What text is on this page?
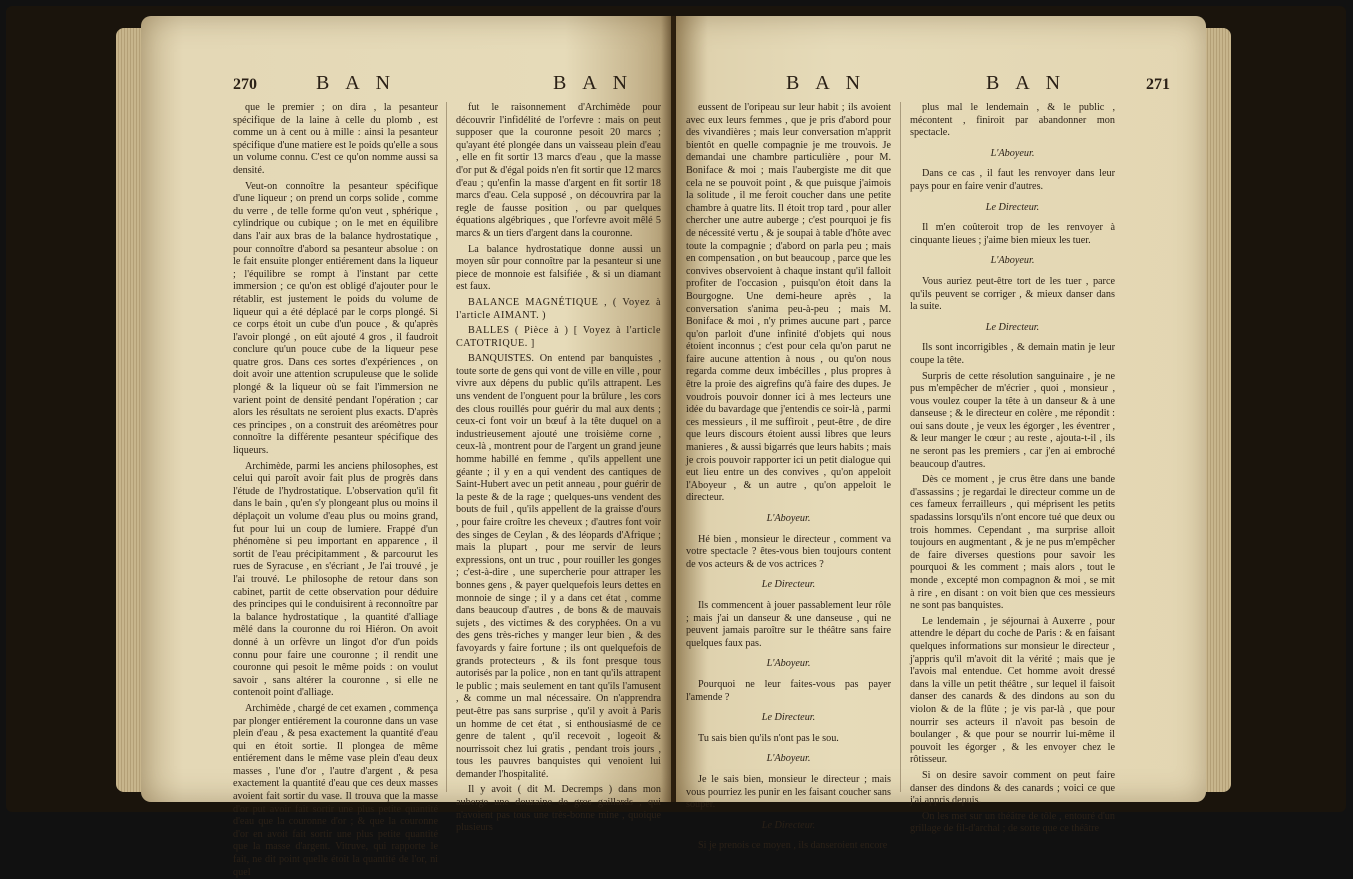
270	B A N	B A N

que le premier ; on dira , la pesanteur spécifique de la laine à celle du plomb , est comme un à cent ou à mille : ainsi la pesanteur spécifique d'une matiere est le poids qu'elle a sous un volume connu. C'est ce qu'on nomme aussi sa densité.

Veut-on connoître la pesanteur spécifique d'une liqueur ; on prend un corps solide , comme du verre , de telle forme qu'on veut , sphérique , cylindrique ou cubique ; on le met en équilibre dans l'air aux bras de la balance hydrostatique , pour connoître d'abord sa pesanteur absolue : on le fait ensuite plonger entiérement dans la liqueur ; l'équilibre se rompt à l'instant par cette immersion ; ce qu'on est obligé d'ajouter pour le rétablir, est justement le poids du volume de liqueur qui a été déplacé par le corps plongé. Si ce corps étoit un cube d'un pouce , & qu'après l'avoir plongé , on eût ajouté 4 gros , il faudroit conclure qu'un pouce cube de la liqueur pese quatre gros. Dans ces sortes d'expériences , on doit avoir une attention scrupuleuse que le solide plongé & la liqueur où se fait l'immersion ne varient point de densité pendant l'opération ; car alors les résultats ne seroient plus exacts. D'après ces principes , on a construit des aréomètres pour connoître la différente pesanteur spécifique des liqueurs.

Archimède, parmi les anciens philosophes, est celui qui paroît avoir fait plus de progrès dans l'étude de l'hydrostatique. L'observation qu'il fit dans le bain , qu'en s'y plongeant plus ou moins il déplaçoit un volume d'eau plus ou moins grand, fut pour lui un coup de lumiere. Frappé d'un phénomène si peu important en apparence , il sortit de l'eau précipitamment , & parcourut les rues de Syracuse , en s'écriant , Je l'ai trouvé , je l'ai trouvé. Le philosophe de retour dans son cabinet, partit de cette observation pour déduire des principes qui le conduisirent à reconnoître par la balance hydrostatique , la quantité d'alliage mêlé dans la couronne du roi Hiéron. On avoit donné à un orfèvre un lingot d'or d'un poids connu pour faire une couronne ; il rendit une couronne qui pesoit le même poids : on voulut savoir , sans altérer la couronne , si elle ne contenoit point d'alliage.

Archimède , chargé de cet examen , commença par plonger entiérement la couronne dans un vase plein d'eau , & pesa exactement la quantité d'eau qui en étoit sortie. Il plongea de même entiérement dans le même vase plein d'eau deux masses , l'une d'or , l'autre d'argent , & pesa exactement la quantité d'eau que ces deux masses avoient fait sortir du vase. Il trouva que la masse d'or put avoir fait sortir une plus petite quantité d'eau que la couronne d'or ; & que la couronne d'or en avoit fait sortir une plus petite quantité que la masse d'argent. Vitruve, qui rapporte le fait, ne dit point quelle étoit la quantité de l'or, ni quel

fut le raisonnement d'Archimède pour découvrir l'infidélité de l'orfevre : mais on peut supposer que la couronne pesoit 20 marcs ; qu'ayant été plongée dans un vaisseau plein d'eau , elle en fit sortir 13 marcs d'eau , que la masse d'or put & d'égal poids n'en fit sortir que 12 marcs d'eau ; qu'enfin la masse d'argent en fit sortir 18 marcs d'eau. Cela supposé , on découvrira par la regle de fausse position , ou par quelques équations algébriques , que l'orfevre avoit mêlé 5 marcs & un tiers d'argent dans la couronne.

La balance hydrostatique donne aussi un moyen sûr pour connoître par la pesanteur si une piece de monnoie est falsifiée , & si un diamant est faux.

BALANCE MAGNÉTIQUE , ( Voyez à l'article AIMANT. )

BALLES ( Pièce à ) [ Voyez à l'article CATOTRIQUE. ]

BANQUISTES. On entend par banquistes , toute sorte de gens qui vont de ville en ville , pour vivre aux dépens du public qu'ils attrapent. Les uns vendent de l'onguent pour la brûlure , les cors des clous rouillés pour guérir du mal aux dents ; ceux-ci font voir un bœuf à la tête duquel on a industrieusement ajouté une troisième corne , ceux-là , montrent pour de l'argent un grand jeune homme habillé en femme , qu'ils appellent une géante ; il y en a qui vendent des cantiques de Saint-Hubert avec un petit anneau , pour guérir de la peste & de la rage ; quelques-uns vendent des bouts de fuil , qu'ils appellent de la graisse d'ours , pour faire croître les cheveux ; d'autres font voir des singes de Ceylan , & des léopards d'Afrique ; mais la plupart , pour me servir de leurs expressions, ont un truc , pour rouiller les gonges ; c'est-à-dire , une supercherie pour attraper les bonnes gens , & payer quelquefois leurs dettes en monnoie de singe ; il y a dans cet état , comme dans beaucoup d'autres , de bons & de mauvais sujets , des victimes & des coryphées. On a vu des gens très-riches y manger leur bien , & des favoyards y faire fortune ; ils ont quelquefois de grands protecteurs , & ils font presque tous autorisés par la police , non en tant qu'ils attrapent le public ; mais seulement en tant qu'ils l'amusent , & comme un mal nécessaire. On n'apprendra peut-être pas sans surprise , qu'il y avoit à Paris un homme de cet état , si enthousiasmé de ce genre de talent , qu'il recevoit , logeoit & nourrissoit chez lui gratis , pendant trois jours , tous les pauvres banquistes qui venoient lui demander l'hospitalité.

Il y avoit ( dit M. Decremps ) dans mon auberge une douzaine de gros gaillards , qui n'avoient pas tous une très-bonne mine , quoique plusieurs

B A N	B A N	271

eussent de l'oripeau sur leur habit ; ils avoient avec eux leurs femmes , que je pris d'abord pour des vivandières ; mais leur conversation m'apprit bientôt en quelle compagnie je me trouvois. Je demandai une chambre particulière , pour M. Boniface & moi ; mais l'aubergiste me dit que cela ne se pouvoit point , & que puisque j'aimois la solitude , il me feroit coucher dans une petite chambre à quatre lits. Il étoit trop tard , pour aller chercher une autre auberge ; c'est pourquoi je fis de nécessité vertu , & je soupai à table d'hôte avec toute la compagnie ; d'abord on parla peu ; mais en compensation , on but beaucoup , parce que les convives observoient à chaque instant qu'il falloit profiter de l'occasion , puisqu'on étoit dans la Bourgogne. Une demi-heure après , la conversation s'anima peu-à-peu ; mais M. Boniface & moi , n'y primes aucune part , parce qu'on parloit d'une infinité d'objets qui nous étoient inconnus ; c'est pour cela qu'on parut ne faire aucune attention à nous , ou qu'on nous regarda comme deux imbécilles , plus propres à être la proie des aigrefins qu'à faire des dupes. Je voudrois pouvoir donner ici à mes lecteurs une idée du bavardage que j'entendis ce soir-là , parmi ces messieurs , il me suffiroit , peut-être , de dire que leurs discours étoient aussi libres que leurs manieres , & aussi bigarrés que leurs habits ; mais je crois pouvoir rapporter ici un petit dialogue qui eut lieu entre un des convives , qu'on appeloit l'Aboyeur , & un autre , qu'on appeloit le directeur.

L'Aboyeur.

Hé bien , monsieur le directeur , comment va votre spectacle ? êtes-vous bien toujours content de vos acteurs & de vos actrices ?

Le Directeur.

Ils commencent à jouer passablement leur rôle ; mais j'ai un danseur & une danseuse , qui ne peuvent jamais paroître sur le théâtre sans faire quelques faux pas.

L'Aboyeur.

Pourquoi ne leur faites-vous pas payer l'amende ?

Le Directeur.

Tu sais bien qu'ils n'ont pas le sou.

L'Aboyeur.

Je le sais bien, monsieur le directeur ; mais vous pourriez les punir en les faisant coucher sans souper.

Le Directeur.

Si je prenois ce moyen , ils danseroient encore

plus mal le lendemain , & le public , mécontent , finiroit par abandonner mon spectacle.

L'Aboyeur.

Dans ce cas , il faut les renvoyer dans leur pays pour en faire venir d'autres.

Le Directeur.

Il m'en coûteroit trop de les renvoyer à cinquante lieues ; j'aime bien mieux les tuer.

L'Aboyeur.

Vous auriez peut-être tort de les tuer , parce qu'ils peuvent se corriger , & mieux danser dans la suite.

Le Directeur.

Ils sont incorrigibles , & demain matin je leur coupe la tête.

Surpris de cette résolution sanguinaire , je ne pus m'empêcher de m'écrier , quoi , monsieur , vous voulez couper la tête à un danseur & à une danseuse ; & le directeur en colère , me répondit : oui sans doute , je veux les égorger , les éventrer , & leur manger le cœur ; au reste , ajouta-t-il , ils ne seront pas les premiers , car j'en ai embroché beaucoup d'autres.

Dès ce moment , je crus être dans une bande d'assassins ; je regardai le directeur comme un de ces fameux ferrailleurs , qui méprisent les petits spadassins lorsqu'ils n'ont encore tué que deux ou trois hommes. Cependant , ma surprise alloit toujours en augmentant , & je ne pus m'empêcher de faire diverses questions pour savoir les pourquoi & les comment ; mais alors , tout le monde , excepté mon compagnon & moi , se mit à rire , en disant : on voit bien que ces messieurs ne sont pas banquistes.

Le lendemain , je séjournai à Auxerre , pour attendre le départ du coche de Paris : & en faisant quelques informations sur monsieur le directeur , j'appris qu'il m'avoit dit la vérité ; mais que je l'avois mal entendue. Cet homme avoit dressé dans la ville un petit théâtre , sur lequel il faisoit danser des canards & des dindons au son du violon & de la flûte ; je vis par-là , que pour nourrir ses acteurs il n'avoit pas besoin de boulanger , & que pour se nourrir lui-même il pouvoit les égorger , & les envoyer chez le rôtisseur.

Si on desire savoir comment on peut faire danser des dindons & des canards ; voici ce que j'ai appris depuis.

On les met sur un théâtre de tôle , entouré d'un grillage de fil-d'archal ; de sorte que ce théâtre
